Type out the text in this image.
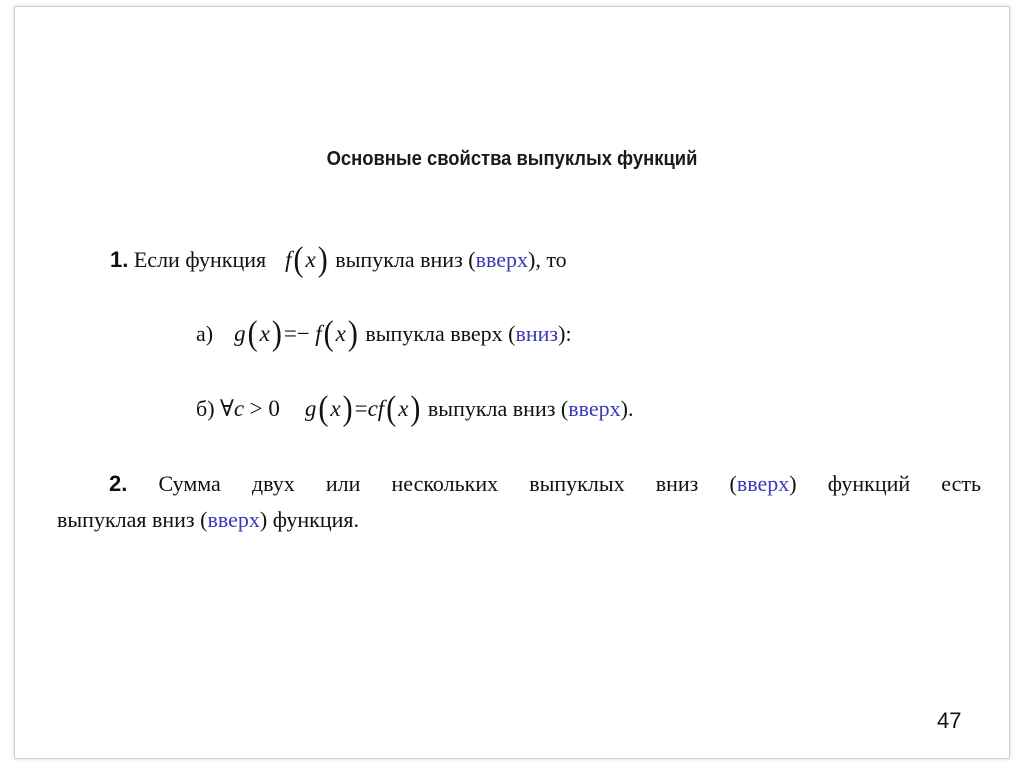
Основные свойства выпуклых функций
1. Если функция f(x) выпукла вниз (вверх), то
а) g(x)=− f(x) выпукла вверх (вниз):
б) ∀c > 0 g(x)=cf(x) выпукла вниз (вверх).
2. Сумма двух или нескольких выпуклых вниз (вверх) функций есть
выпуклая вниз (вверх) функция.
47
